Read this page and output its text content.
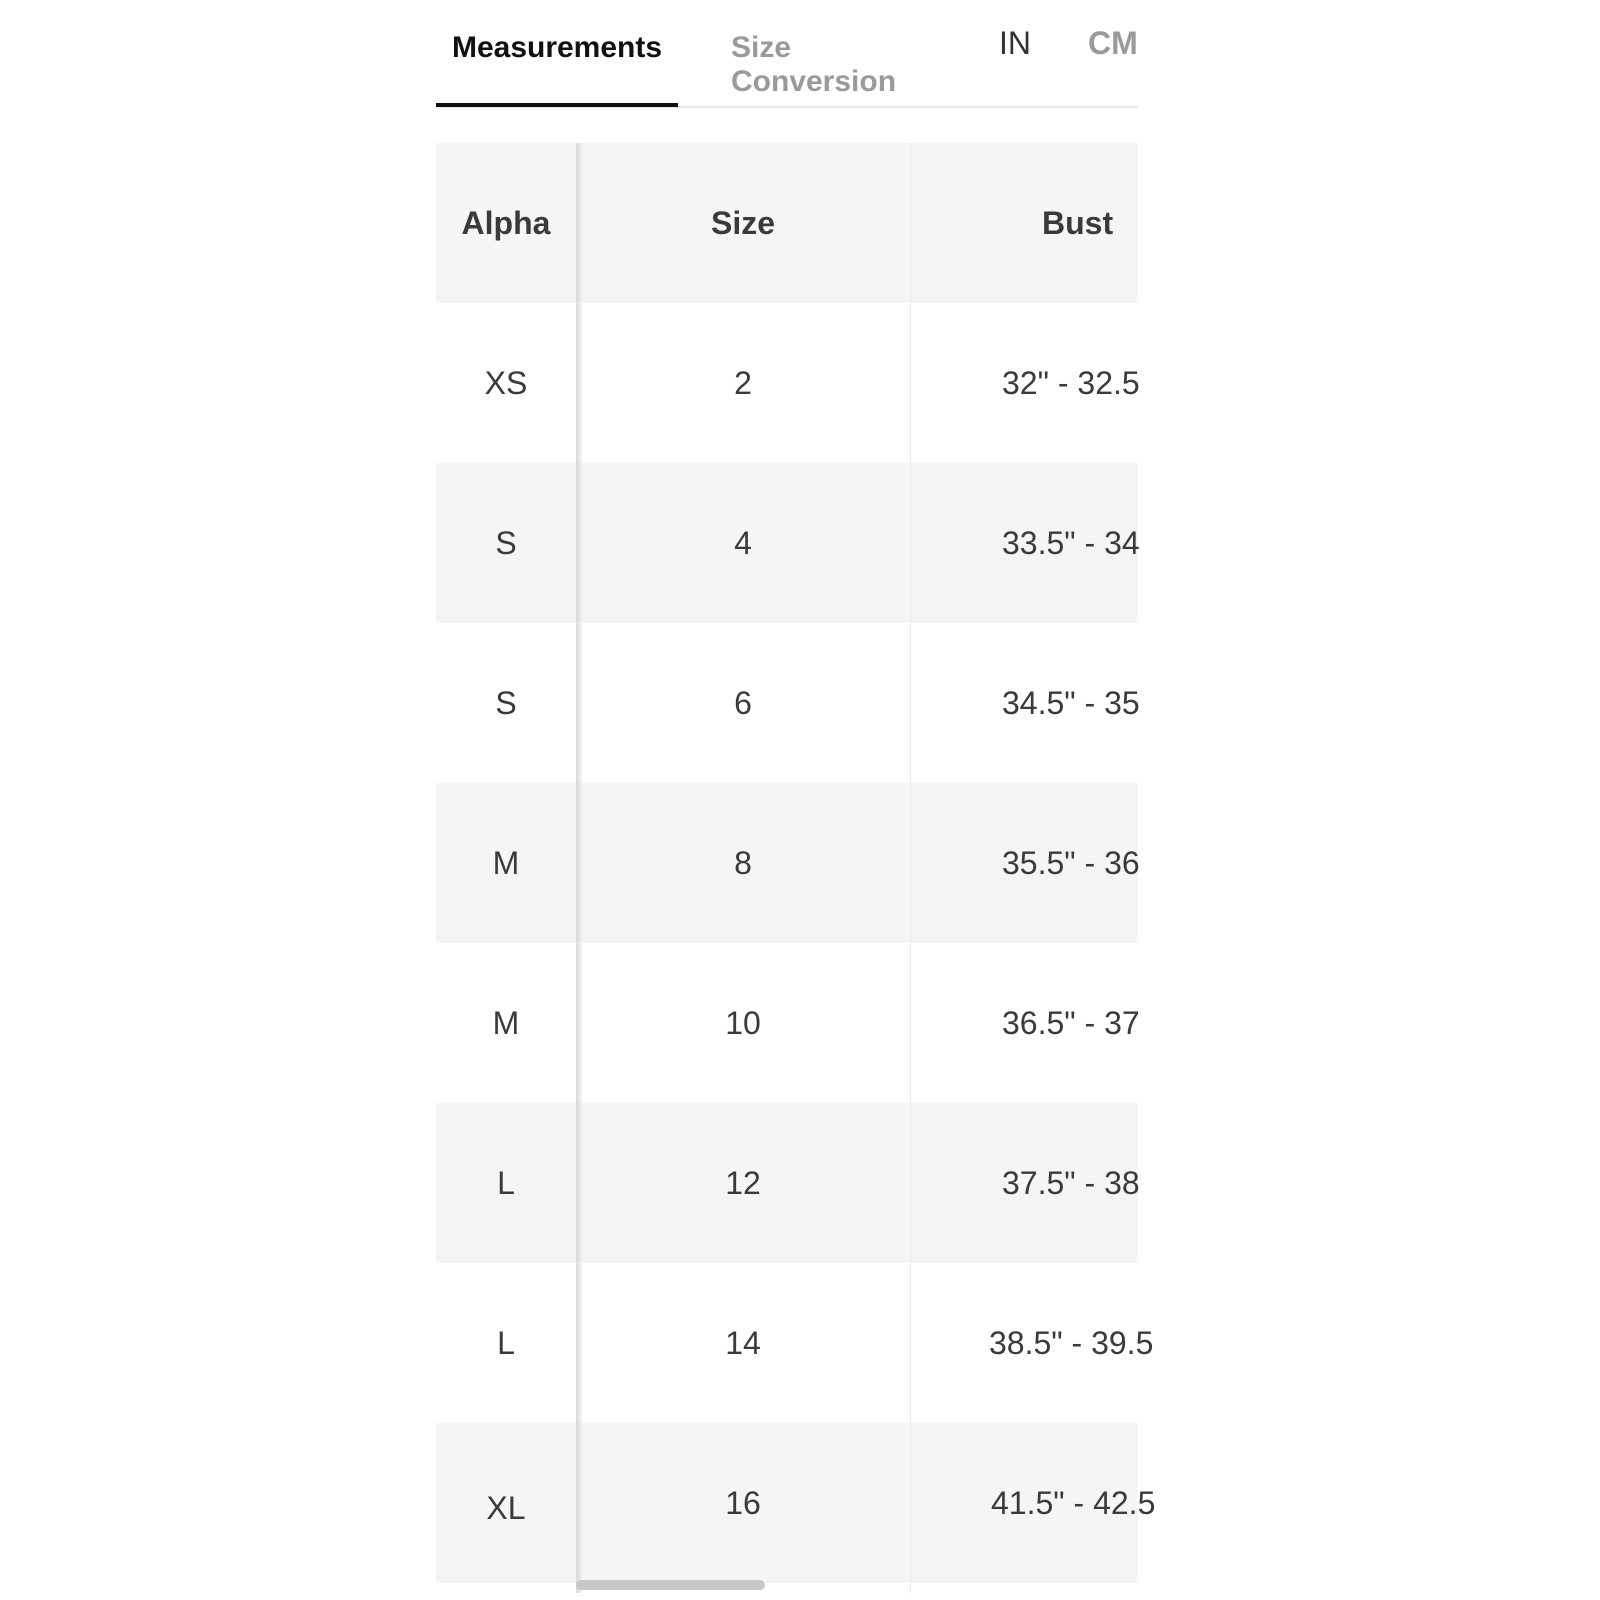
Measurements	Size Conversion
IN CM
Alpha	Size	Bust
XS	2	32" - 32.5
S	4	33.5" - 34
S	6	34.5" - 35
M	8	35.5" - 36
M	10	36.5" - 37
L	12	37.5" - 38
L	14	38.5" - 39.5
XL	16	41.5" - 42.5
